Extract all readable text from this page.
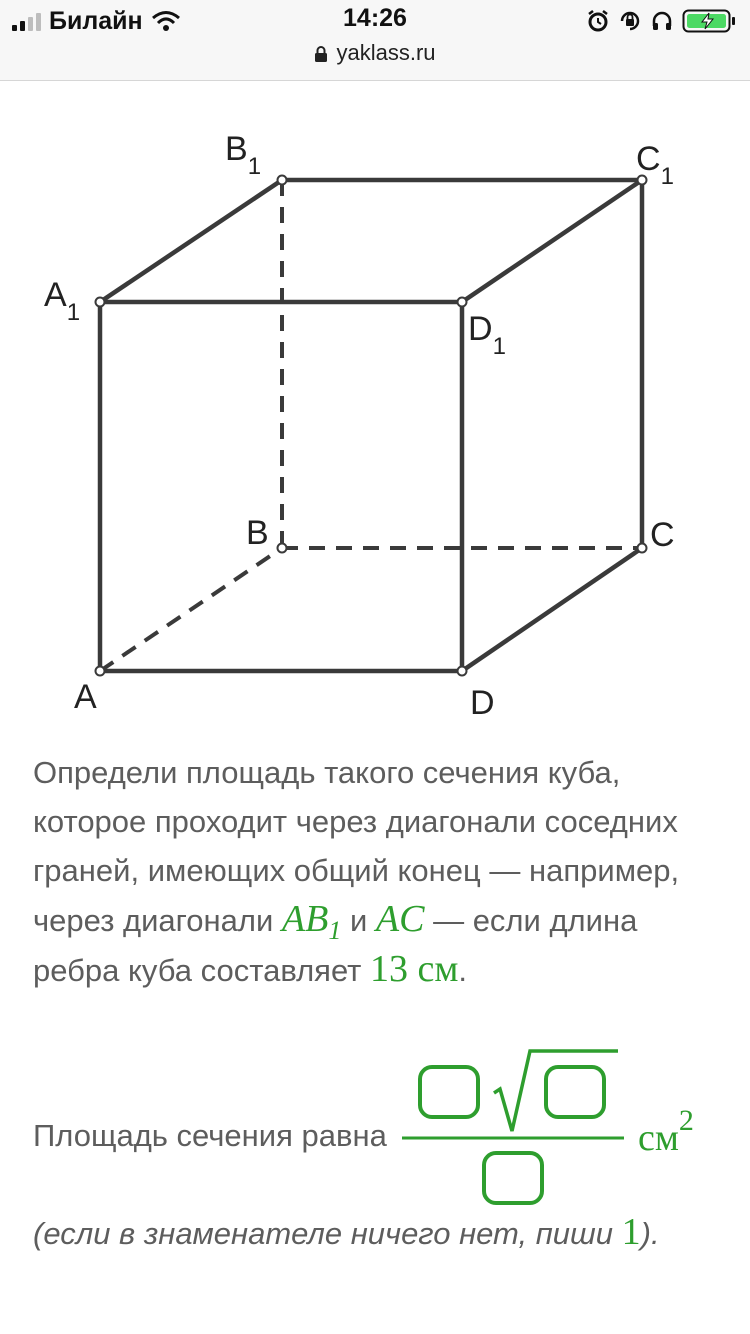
Билайн	14:26
yaklass.ru
$B_1$	$C_1$
$A_1$	$D_1$
B	C
A	D
Определи площадь такого сечения куба, которое проходит через диагонали соседних граней, имеющих общий конец — например, через диагонали $AB_1$ и AC — если длина ребра куба составляет 13 см.
Площадь сечения равна	$см^2$
(если в знаменателе ничего нет, пиши 1).
